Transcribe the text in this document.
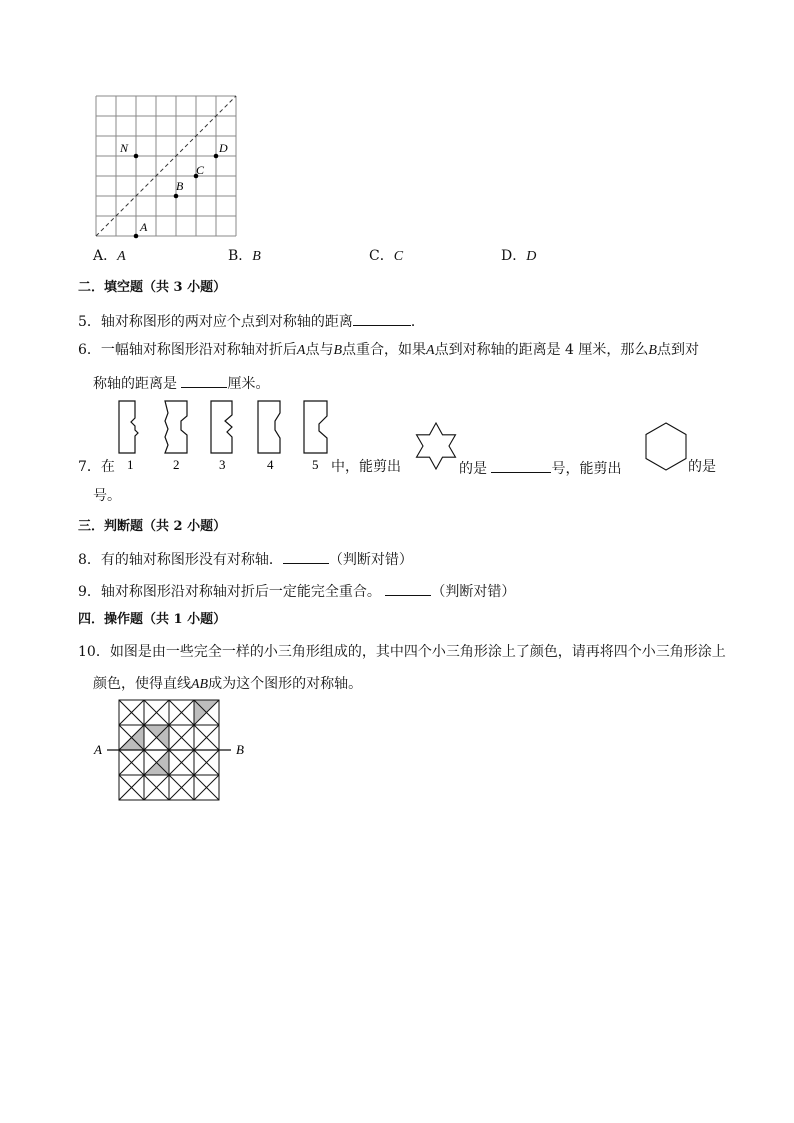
N	D
C
B
A
A．A	B．B	C．C	D．D
二．填空题（共 3 小题）
5．轴对称图形的两对应个点到对称轴的距离	．
6．一幅轴对称图形沿对称轴对折后A点与B点重合，如果A点到对称轴的距离是 4 厘米，那么B点到对
称轴的距离是	厘米。
1	2	3	4	5
7．在	中，能剪出	的是	号，能剪出	的是
号。
三．判断题（共 2 小题）
8．有的轴对称图形没有对称轴．	（判断对错）
9．轴对称图形沿对称轴对折后一定能完全重合。	（判断对错）
四．操作题（共 1 小题）
10．如图是由一些完全一样的小三角形组成的，其中四个小三角形涂上了颜色，请再将四个小三角形涂上
颜色，使得直线AB成为这个图形的对称轴。
A	B
